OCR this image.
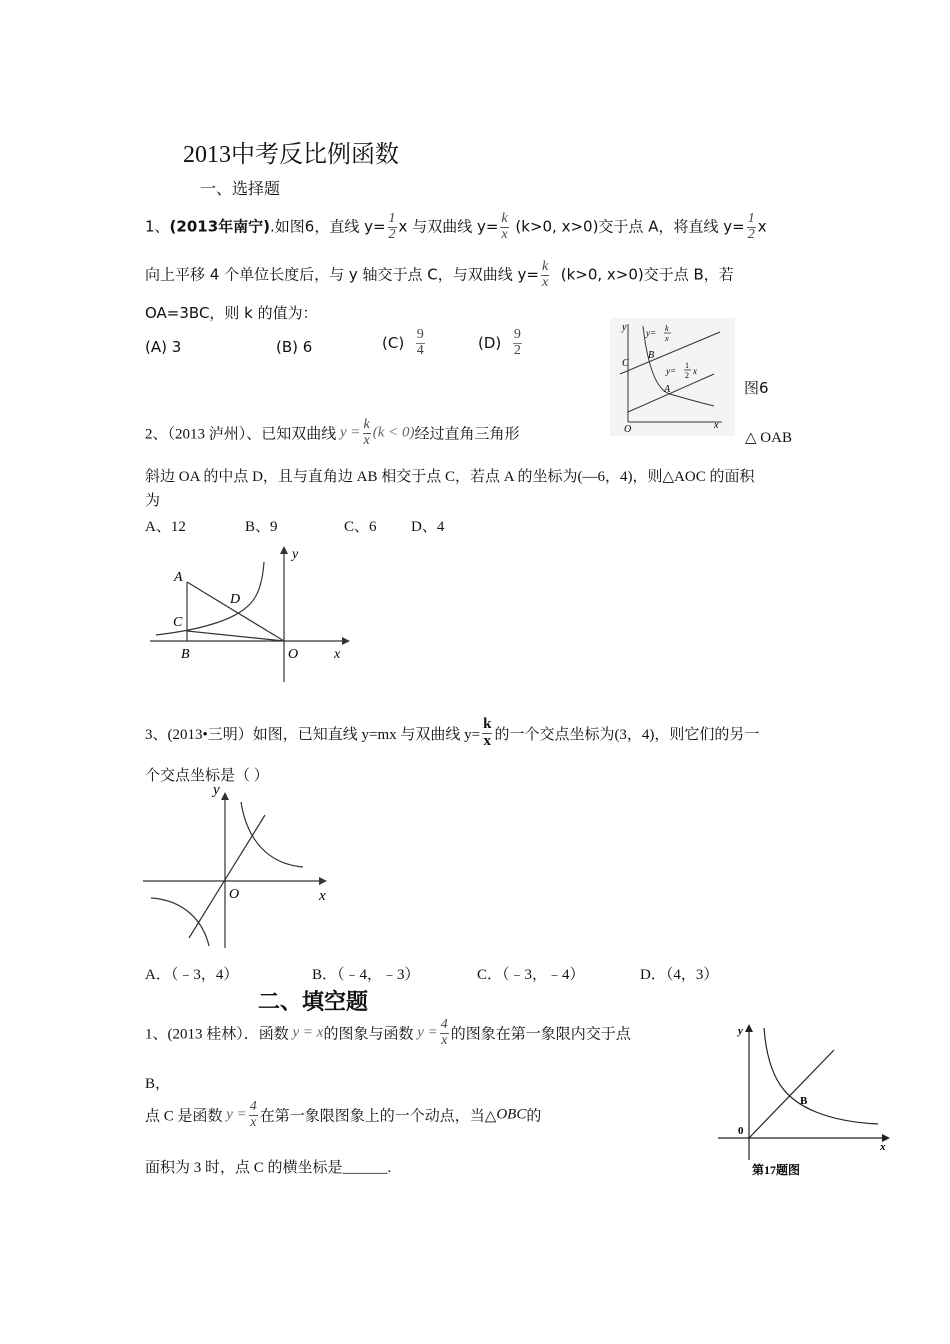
2013中考反比例函数
一、选择题
1、(2013年南宁).如图6，直线 $y= \frac{1}{2}$ x 与双曲线 $y= \frac{k}{x} (k>0$, x>0)交于点 A，将直线 $y= \frac{1}{2}$ x
向上平移 4 个单位长度后，与 y 轴交于点 C，与双曲线 $y= \frac{k}{x} (k>0$, x>0)交于点 B，若
OA=3BC，则 k 的值为：
(A) 3	(B) 6	$(C) \frac{9}{4}$	$(D) \frac{9}{2}$
y
x
O
C
B
A
y= k
x
y=
1
2 x
图6
2、（2013 泸州）、已知双曲线 $y = \frac{k}{x} (k < 0)$经过直角三角形	△ OAB
斜边 OA 的中点 D，且与直角边 AB 相交于点 C，若点 A 的坐标为(—6，4)，则△AOC 的面积
为
A、12	B、9	C、6 D、4
A
D
C
B	O	x
y
3、(2013•三明）如图，已知直线 y=mx 与双曲线 $y= \frac{k}{x}$ 的一个交点坐标为(3，4)，则它们的另一
个交点坐标是（ ）
y
x
O
A．（﹣3，4）	B．（﹣4，﹣3）	C．（﹣3，﹣4）	D．（4，3）
二、填空题
1、(2013 桂林）．函数 y = x的图象与函数 $y = \frac{4}{x}$ 的图象在第一象限内交于点
B，
点 C 是函数 $y = \frac{4}{x}$ 在第一象限图象上的一个动点，当△OBC的
面积为 3 时，点 C 的横坐标是______.
y
x
0
B
第17题图
